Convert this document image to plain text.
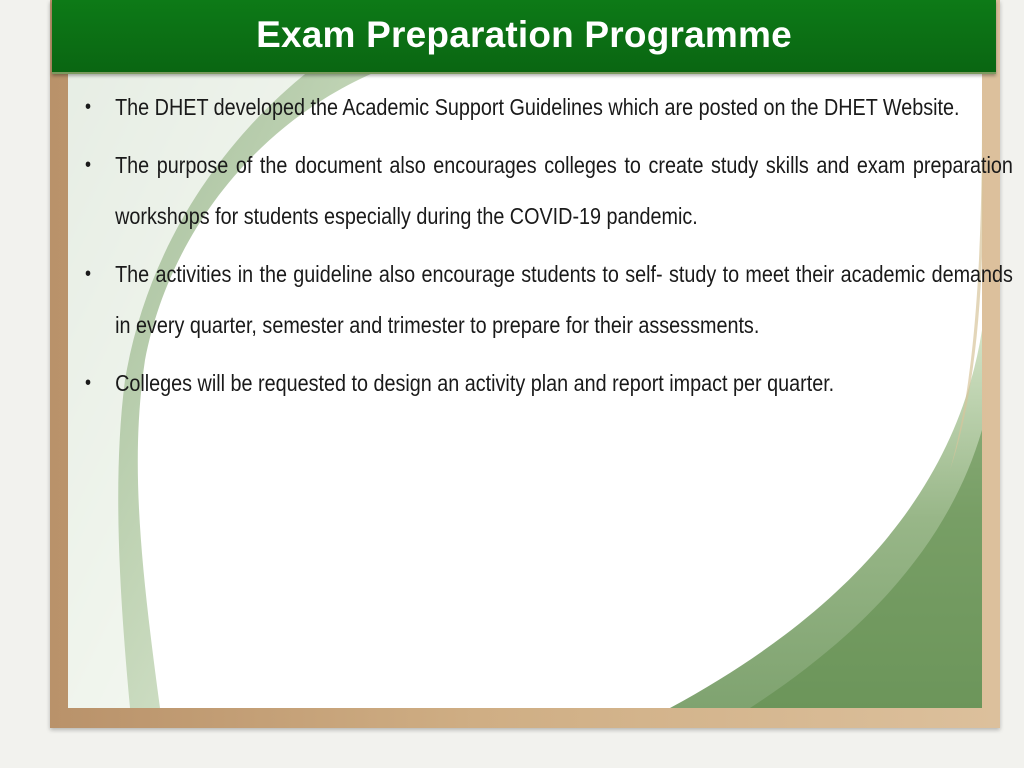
Exam Preparation Programme
• The DHET developed the Academic Support Guidelines which are posted on the DHET Website.
• The purpose of the document also encourages colleges to create study skills and exam preparation workshops for students especially during the COVID-19 pandemic.
• The activities in the guideline also encourage students to self- study to meet their academic demands in every quarter, semester and trimester to prepare for their assessments.
• Colleges will be requested to design an activity plan and report impact per quarter.
